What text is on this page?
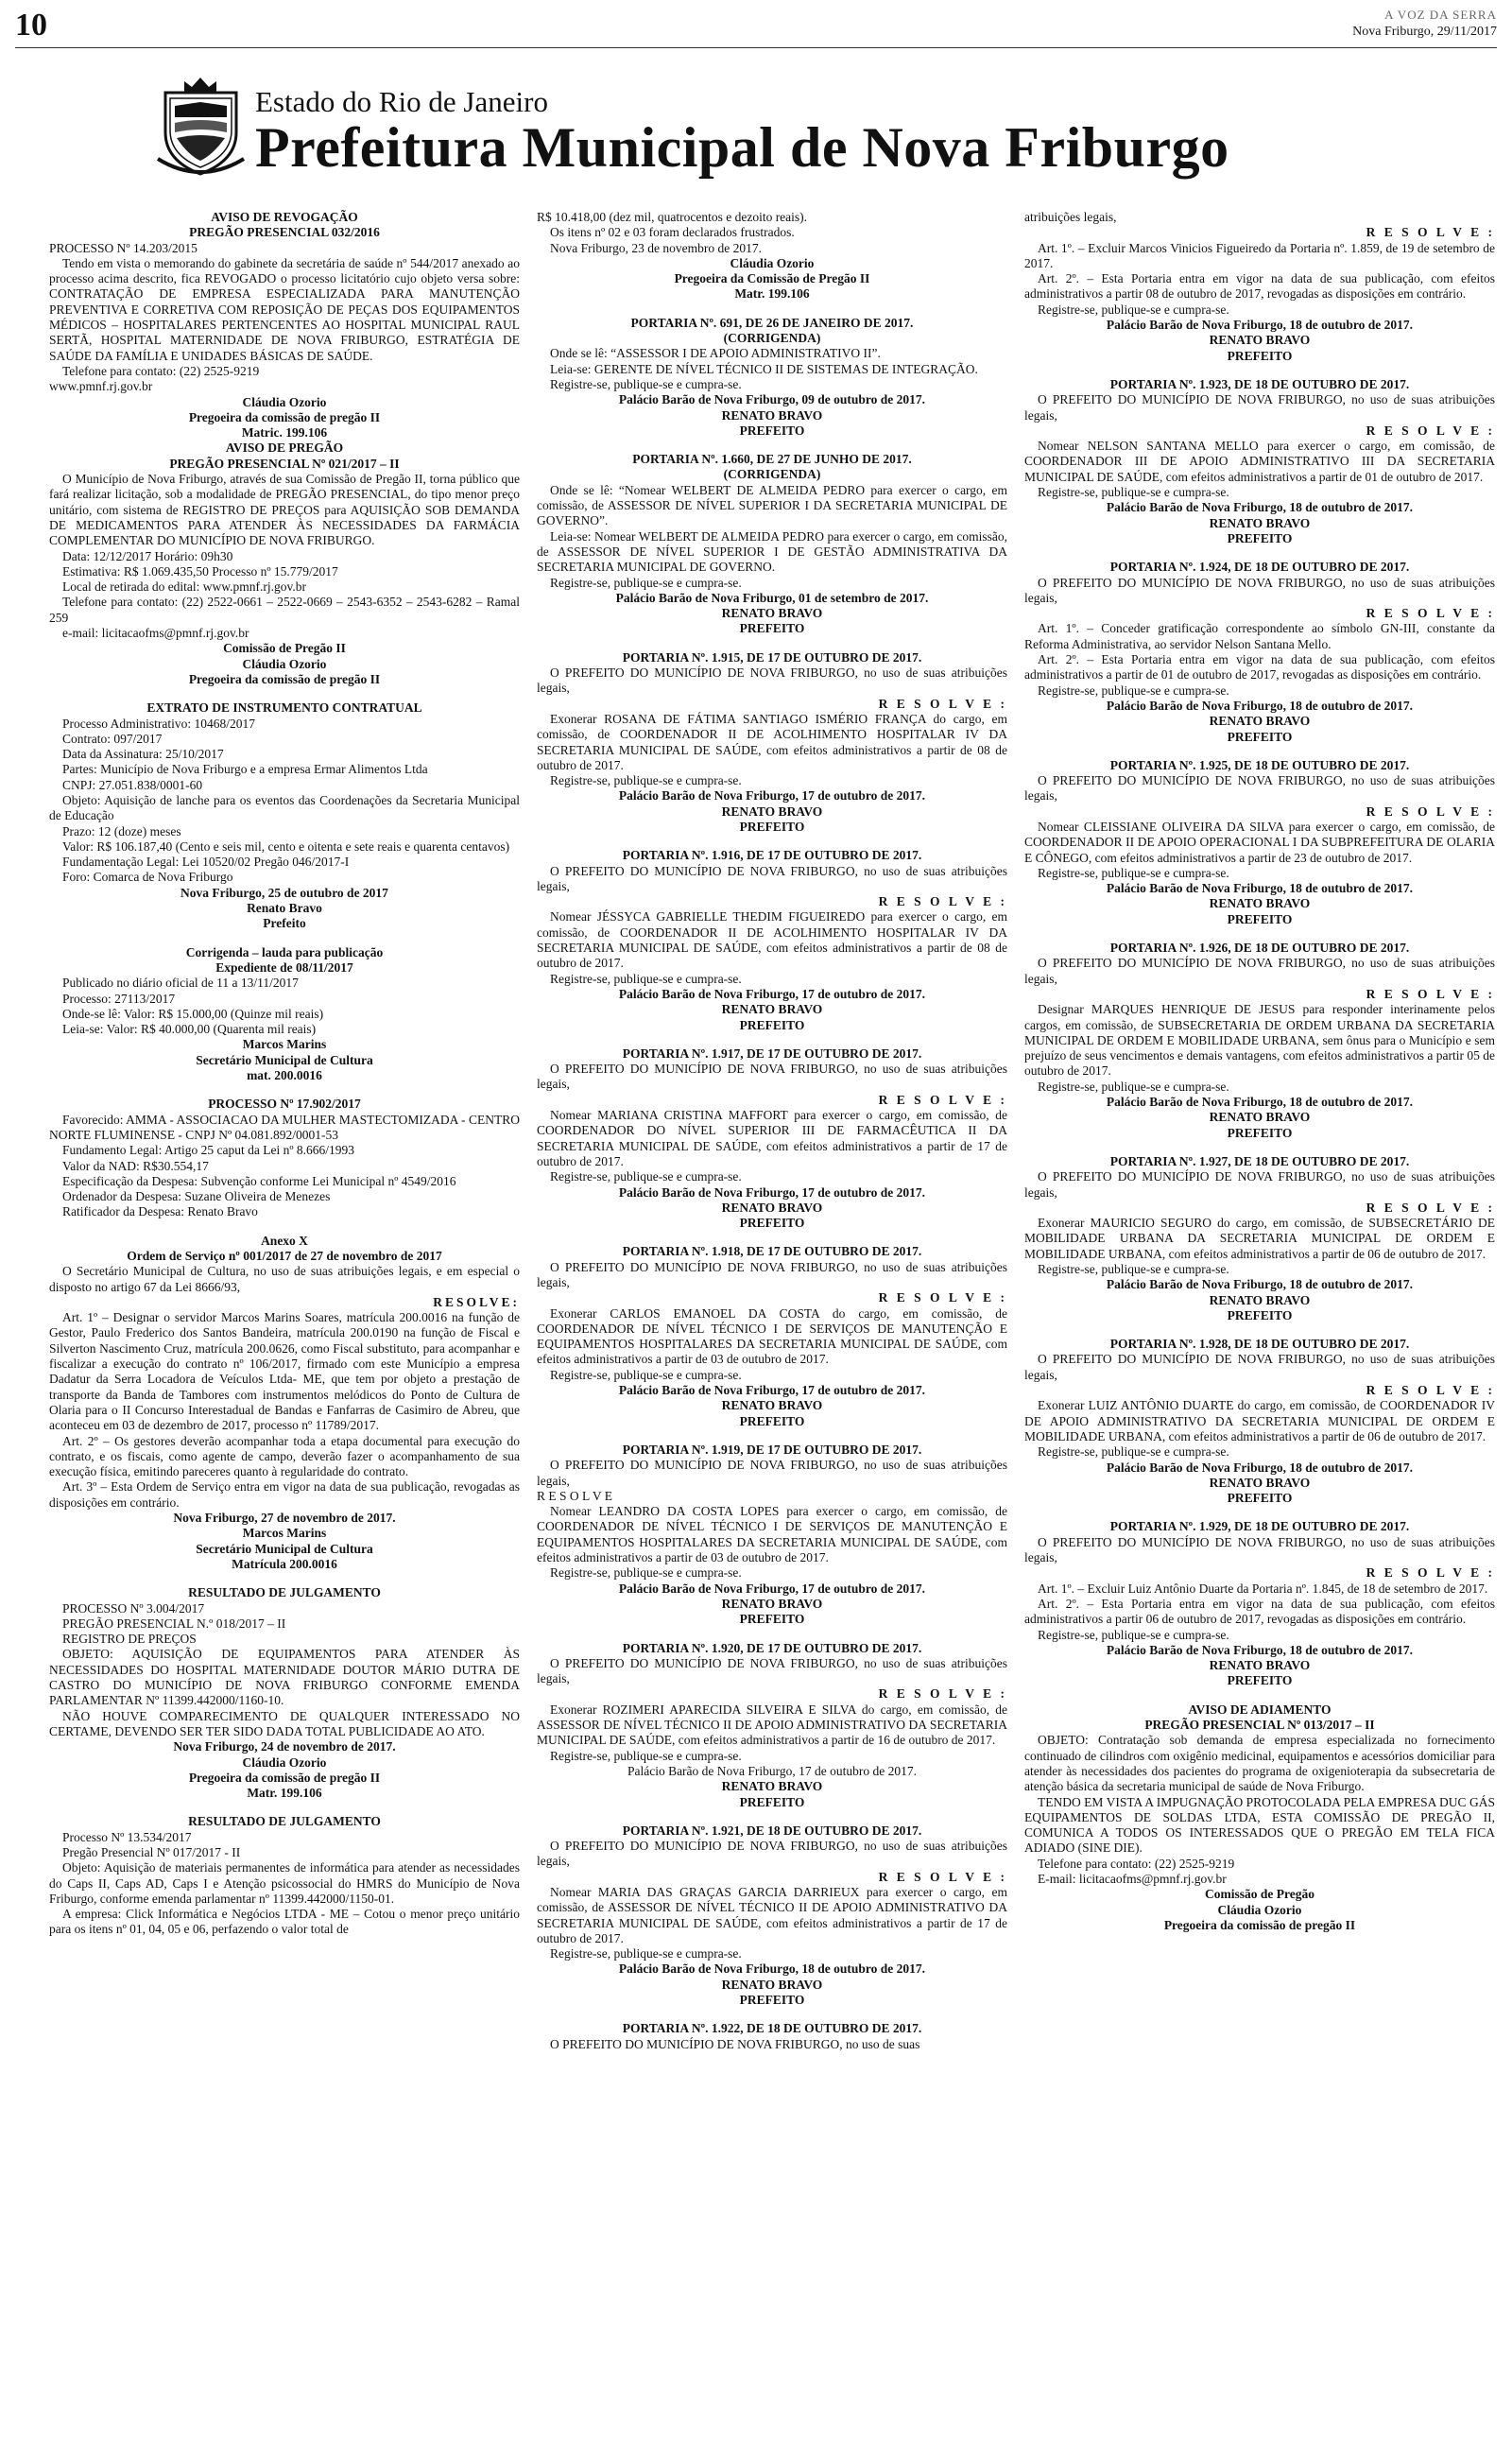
10	A VOZ DA SERRA
Nova Friburgo, 29/11/2017
Estado do Rio de Janeiro
Prefeitura Municipal de Nova Friburgo

AVISO DE REVOGAÇÃO

PREGÃO PRESENCIAL 032/2016

PROCESSO Nº 14.203/2015

Tendo em vista o memorando do gabinete da secretária de saúde nº 544/2017 anexado ao processo acima descrito, fica REVOGADO o processo licitatório cujo objeto versa sobre: CONTRATAÇÃO DE EMPRESA ESPECIALIZADA PARA MANUTENÇÃO PREVENTIVA E CORRETIVA COM REPOSIÇÃO DE PEÇAS DOS EQUIPAMENTOS MÉDICOS – HOSPITALARES PERTENCENTES AO HOSPITAL MUNICIPAL RAUL SERTÃ, HOSPITAL MATERNIDADE DE NOVA FRIBURGO, ESTRATÉGIA DE SAÚDE DA FAMÍLIA E UNIDADES BÁSICAS DE SAÚDE.

Telefone para contato: (22) 2525-9219

www.pmnf.rj.gov.br

Cláudia Ozorio

Pregoeira da comissão de pregão II

Matric. 199.106

AVISO DE PREGÃO

PREGÃO PRESENCIAL Nº 021/2017 – II

O Município de Nova Friburgo, através de sua Comissão de Pregão II, torna público que fará realizar licitação, sob a modalidade de PREGÃO PRESENCIAL, do tipo menor preço unitário, com sistema de REGISTRO DE PREÇOS para AQUISIÇÃO SOB DEMANDA DE MEDICAMENTOS PARA ATENDER ÀS NECESSIDADES DA FARMÁCIA COMPLEMENTAR DO MUNICÍPIO DE NOVA FRIBURGO.

Data: 12/12/2017 Horário: 09h30

Estimativa: R$ 1.069.435,50 Processo nº 15.779/2017

Local de retirada do edital: www.pmnf.rj.gov.br

Telefone para contato: (22) 2522-0661 – 2522-0669 – 2543-6352 – 2543-6282 – Ramal 259

e-mail: licitacaofms@pmnf.rj.gov.br

Comissão de Pregão II

Cláudia Ozorio

Pregoeira da comissão de pregão II

EXTRATO DE INSTRUMENTO CONTRATUAL

Processo Administrativo: 10468/2017

Contrato: 097/2017

Data da Assinatura: 25/10/2017

Partes: Município de Nova Friburgo e a empresa Ermar Alimentos Ltda

CNPJ: 27.051.838/0001-60

Objeto: Aquisição de lanche para os eventos das Coordenações da Secretaria Municipal de Educação

Prazo: 12 (doze) meses

Valor: R$ 106.187,40 (Cento e seis mil, cento e oitenta e sete reais e quarenta centavos)

Fundamentação Legal: Lei 10520/02 Pregão 046/2017-I

Foro: Comarca de Nova Friburgo

Nova Friburgo, 25 de outubro de 2017

Renato Bravo

Prefeito

Corrigenda – lauda para publicação

Expediente de 08/11/2017

Publicado no diário oficial de 11 a 13/11/2017

Processo: 27113/2017

Onde-se lê: Valor: R$ 15.000,00 (Quinze mil reais)

Leia-se: Valor: R$ 40.000,00 (Quarenta mil reais)

Marcos Marins

Secretário Municipal de Cultura

mat. 200.0016

PROCESSO Nº 17.902/2017

Favorecido: AMMA - ASSOCIACAO DA MULHER MASTECTOMIZADA - CENTRO NORTE FLUMINENSE - CNPJ Nº 04.081.892/0001-53

Fundamento Legal: Artigo 25 caput da Lei nº 8.666/1993

Valor da NAD: R$30.554,17

Especificação da Despesa: Subvenção conforme Lei Municipal nº 4549/2016

Ordenador da Despesa: Suzane Oliveira de Menezes

Ratificador da Despesa: Renato Bravo

Anexo X

Ordem de Serviço nº 001/2017 de 27 de novembro de 2017

O Secretário Municipal de Cultura, no uso de suas atribuições legais, e em especial o disposto no artigo 67 da Lei 8666/93,

RESOLVE:

Art. 1º – Designar o servidor Marcos Marins Soares, matrícula 200.0016 na função de Gestor, Paulo Frederico dos Santos Bandeira, matrícula 200.0190 na função de Fiscal e Silverton Nascimento Cruz, matrícula 200.0626, como Fiscal substituto, para acompanhar e fiscalizar a execução do contrato nº 106/2017, firmado com este Município a empresa Dadatur da Serra Locadora de Veículos Ltda- ME, que tem por objeto a prestação de transporte da Banda de Tambores com instrumentos melódicos do Ponto de Cultura de Olaria para o II Concurso Interestadual de Bandas e Fanfarras de Casimiro de Abreu, que aconteceu em 03 de dezembro de 2017, processo nº 11789/2017.

Art. 2º – Os gestores deverão acompanhar toda a etapa documental para execução do contrato, e os fiscais, como agente de campo, deverão fazer o acompanhamento de sua execução física, emitindo pareceres quanto à regularidade do contrato.

Art. 3º – Esta Ordem de Serviço entra em vigor na data de sua publicação, revogadas as disposições em contrário.

Nova Friburgo, 27 de novembro de 2017.

Marcos Marins

Secretário Municipal de Cultura

Matrícula 200.0016

RESULTADO DE JULGAMENTO

PROCESSO Nº 3.004/2017

PREGÃO PRESENCIAL N.º 018/2017 – II

REGISTRO DE PREÇOS

OBJETO: AQUISIÇÃO DE EQUIPAMENTOS PARA ATENDER ÀS NECESSIDADES DO HOSPITAL MATERNIDADE DOUTOR MÁRIO DUTRA DE CASTRO DO MUNICÍPIO DE NOVA FRIBURGO CONFORME EMENDA PARLAMENTAR Nº 11399.442000/1160-10.

NÃO HOUVE COMPARECIMENTO DE QUALQUER INTERESSADO NO CERTAME, DEVENDO SER TER SIDO DADA TOTAL PUBLICIDADE AO ATO.

Nova Friburgo, 24 de novembro de 2017.

Cláudia Ozorio

Pregoeira da comissão de pregão II

Matr. 199.106

RESULTADO DE JULGAMENTO

Processo Nº 13.534/2017

Pregão Presencial Nº 017/2017 - II

Objeto: Aquisição de materiais permanentes de informática para atender as necessidades do Caps II, Caps AD, Caps I e Atenção psicossocial do HMRS do Município de Nova Friburgo, conforme emenda parlamentar nº 11399.442000/1150-01.

A empresa: Click Informática e Negócios LTDA - ME – Cotou o menor preço unitário para os itens nº 01, 04, 05 e 06, perfazendo o valor total de

R$ 10.418,00 (dez mil, quatrocentos e dezoito reais).

Os itens nº 02 e 03 foram declarados frustrados.

Nova Friburgo, 23 de novembro de 2017.

Cláudia Ozorio

Pregoeira da Comissão de Pregão II

Matr. 199.106

PORTARIA Nº. 691, DE 26 DE JANEIRO DE 2017.

(CORRIGENDA)

Onde se lê: “ASSESSOR I DE APOIO ADMINISTRATIVO II”.

Leia-se: GERENTE DE NÍVEL TÉCNICO II DE SISTEMAS DE INTEGRAÇÃO.

Registre-se, publique-se e cumpra-se.

Palácio Barão de Nova Friburgo, 09 de outubro de 2017.

RENATO BRAVO

PREFEITO

PORTARIA Nº. 1.660, DE 27 DE JUNHO DE 2017.

(CORRIGENDA)

Onde se lê: “Nomear WELBERT DE ALMEIDA PEDRO para exercer o cargo, em comissão, de ASSESSOR DE NÍVEL SUPERIOR I DA SECRETARIA MUNICIPAL DE GOVERNO”.

Leia-se: Nomear WELBERT DE ALMEIDA PEDRO para exercer o cargo, em comissão, de ASSESSOR DE NÍVEL SUPERIOR I DE GESTÃO ADMINISTRATIVA DA SECRETARIA MUNICIPAL DE GOVERNO.

Registre-se, publique-se e cumpra-se.

Palácio Barão de Nova Friburgo, 01 de setembro de 2017.

RENATO BRAVO

PREFEITO

PORTARIA Nº. 1.915, DE 17 DE OUTUBRO DE 2017.

O PREFEITO DO MUNICÍPIO DE NOVA FRIBURGO, no uso de suas atribuições legais,

R E S O L V E :

Exonerar ROSANA DE FÁTIMA SANTIAGO ISMÉRIO FRANÇA do cargo, em comissão, de COORDENADOR II DE ACOLHIMENTO HOSPITALAR IV DA SECRETARIA MUNICIPAL DE SAÚDE, com efeitos administrativos a partir de 08 de outubro de 2017.

Registre-se, publique-se e cumpra-se.

Palácio Barão de Nova Friburgo, 17 de outubro de 2017.

RENATO BRAVO

PREFEITO

PORTARIA Nº. 1.916, DE 17 DE OUTUBRO DE 2017.

O PREFEITO DO MUNICÍPIO DE NOVA FRIBURGO, no uso de suas atribuições legais,

R E S O L V E :

Nomear JÉSSYCA GABRIELLE THEDIM FIGUEIREDO para exercer o cargo, em comissão, de COORDENADOR II DE ACOLHIMENTO HOSPITALAR IV DA SECRETARIA MUNICIPAL DE SAÚDE, com efeitos administrativos a partir de 08 de outubro de 2017.

Registre-se, publique-se e cumpra-se.

Palácio Barão de Nova Friburgo, 17 de outubro de 2017.

RENATO BRAVO

PREFEITO

PORTARIA Nº. 1.917, DE 17 DE OUTUBRO DE 2017.

O PREFEITO DO MUNICÍPIO DE NOVA FRIBURGO, no uso de suas atribuições legais,

R E S O L V E :

Nomear MARIANA CRISTINA MAFFORT para exercer o cargo, em comissão, de COORDENADOR DO NÍVEL SUPERIOR III DE FARMACÊUTICA II DA SECRETARIA MUNICIPAL DE SAÚDE, com efeitos administrativos a partir de 17 de outubro de 2017.

Registre-se, publique-se e cumpra-se.

Palácio Barão de Nova Friburgo, 17 de outubro de 2017.

RENATO BRAVO

PREFEITO

PORTARIA Nº. 1.918, DE 17 DE OUTUBRO DE 2017.

O PREFEITO DO MUNICÍPIO DE NOVA FRIBURGO, no uso de suas atribuições legais,

R E S O L V E :

Exonerar CARLOS EMANOEL DA COSTA do cargo, em comissão, de COORDENADOR DE NÍVEL TÉCNICO I DE SERVIÇOS DE MANUTENÇÃO E EQUIPAMENTOS HOSPITALARES DA SECRETARIA MUNICIPAL DE SAÚDE, com efeitos administrativos a partir de 03 de outubro de 2017.

Registre-se, publique-se e cumpra-se.

Palácio Barão de Nova Friburgo, 17 de outubro de 2017.

RENATO BRAVO

PREFEITO

PORTARIA Nº. 1.919, DE 17 DE OUTUBRO DE 2017.

O PREFEITO DO MUNICÍPIO DE NOVA FRIBURGO, no uso de suas atribuições legais,

R E S O L V E

Nomear LEANDRO DA COSTA LOPES para exercer o cargo, em comissão, de COORDENADOR DE NÍVEL TÉCNICO I DE SERVIÇOS DE MANUTENÇÃO E EQUIPAMENTOS HOSPITALARES DA SECRETARIA MUNICIPAL DE SAÚDE, com efeitos administrativos a partir de 03 de outubro de 2017.

Registre-se, publique-se e cumpra-se.

Palácio Barão de Nova Friburgo, 17 de outubro de 2017.

RENATO BRAVO

PREFEITO

PORTARIA Nº. 1.920, DE 17 DE OUTUBRO DE 2017.

O PREFEITO DO MUNICÍPIO DE NOVA FRIBURGO, no uso de suas atribuições legais,

R E S O L V E :

Exonerar ROZIMERI APARECIDA SILVEIRA E SILVA do cargo, em comissão, de ASSESSOR DE NÍVEL TÉCNICO II DE APOIO ADMINISTRATIVO DA SECRETARIA MUNICIPAL DE SAÚDE, com efeitos administrativos a partir de 16 de outubro de 2017.

Registre-se, publique-se e cumpra-se.

Palácio Barão de Nova Friburgo, 17 de outubro de 2017.

RENATO BRAVO

PREFEITO

PORTARIA Nº. 1.921, DE 18 DE OUTUBRO DE 2017.

O PREFEITO DO MUNICÍPIO DE NOVA FRIBURGO, no uso de suas atribuições legais,

R E S O L V E :

Nomear MARIA DAS GRAÇAS GARCIA DARRIEUX para exercer o cargo, em comissão, de ASSESSOR DE NÍVEL TÉCNICO II DE APOIO ADMINISTRATIVO DA SECRETARIA MUNICIPAL DE SAÚDE, com efeitos administrativos a partir de 17 de outubro de 2017.

Registre-se, publique-se e cumpra-se.

Palácio Barão de Nova Friburgo, 18 de outubro de 2017.

RENATO BRAVO

PREFEITO

PORTARIA Nº. 1.922, DE 18 DE OUTUBRO DE 2017.

O PREFEITO DO MUNICÍPIO DE NOVA FRIBURGO, no uso de suas

atribuições legais,

R E S O L V E :

Art. 1º. – Excluir Marcos Vinicios Figueiredo da Portaria nº. 1.859, de 19 de setembro de 2017.

Art. 2º. – Esta Portaria entra em vigor na data de sua publicação, com efeitos administrativos a partir 08 de outubro de 2017, revogadas as disposições em contrário.

Registre-se, publique-se e cumpra-se.

Palácio Barão de Nova Friburgo, 18 de outubro de 2017.

RENATO BRAVO

PREFEITO

PORTARIA Nº. 1.923, DE 18 DE OUTUBRO DE 2017.

O PREFEITO DO MUNICÍPIO DE NOVA FRIBURGO, no uso de suas atribuições legais,

R E S O L V E :

Nomear NELSON SANTANA MELLO para exercer o cargo, em comissão, de COORDENADOR III DE APOIO ADMINISTRATIVO III DA SECRETARIA MUNICIPAL DE SAÚDE, com efeitos administrativos a partir de 01 de outubro de 2017.

Registre-se, publique-se e cumpra-se.

Palácio Barão de Nova Friburgo, 18 de outubro de 2017.

RENATO BRAVO

PREFEITO

PORTARIA Nº. 1.924, DE 18 DE OUTUBRO DE 2017.

O PREFEITO DO MUNICÍPIO DE NOVA FRIBURGO, no uso de suas atribuições legais,

R E S O L V E :

Art. 1º. – Conceder gratificação correspondente ao símbolo GN-III, constante da Reforma Administrativa, ao servidor Nelson Santana Mello.

Art. 2º. – Esta Portaria entra em vigor na data de sua publicação, com efeitos administrativos a partir de 01 de outubro de 2017, revogadas as disposições em contrário.

Registre-se, publique-se e cumpra-se.

Palácio Barão de Nova Friburgo, 18 de outubro de 2017.

RENATO BRAVO

PREFEITO

PORTARIA Nº. 1.925, DE 18 DE OUTUBRO DE 2017.

O PREFEITO DO MUNICÍPIO DE NOVA FRIBURGO, no uso de suas atribuições legais,

R E S O L V E :

Nomear CLEISSIANE OLIVEIRA DA SILVA para exercer o cargo, em comissão, de COORDENADOR II DE APOIO OPERACIONAL I DA SUBPREFEITURA DE OLARIA E CÔNEGO, com efeitos administrativos a partir de 23 de outubro de 2017.

Registre-se, publique-se e cumpra-se.

Palácio Barão de Nova Friburgo, 18 de outubro de 2017.

RENATO BRAVO

PREFEITO

PORTARIA Nº. 1.926, DE 18 DE OUTUBRO DE 2017.

O PREFEITO DO MUNICÍPIO DE NOVA FRIBURGO, no uso de suas atribuições legais,

R E S O L V E :

Designar MARQUES HENRIQUE DE JESUS para responder interinamente pelos cargos, em comissão, de SUBSECRETARIA DE ORDEM URBANA DA SECRETARIA MUNICIPAL DE ORDEM E MOBILIDADE URBANA, sem ônus para o Município e sem prejuízo de seus vencimentos e demais vantagens, com efeitos administrativos a partir 05 de outubro de 2017.

Registre-se, publique-se e cumpra-se.

Palácio Barão de Nova Friburgo, 18 de outubro de 2017.

RENATO BRAVO

PREFEITO

PORTARIA Nº. 1.927, DE 18 DE OUTUBRO DE 2017.

O PREFEITO DO MUNICÍPIO DE NOVA FRIBURGO, no uso de suas atribuições legais,

R E S O L V E :

Exonerar MAURICIO SEGURO do cargo, em comissão, de SUBSECRETÁRIO DE MOBILIDADE URBANA DA SECRETARIA MUNICIPAL DE ORDEM E MOBILIDADE URBANA, com efeitos administrativos a partir de 06 de outubro de 2017.

Registre-se, publique-se e cumpra-se.

Palácio Barão de Nova Friburgo, 18 de outubro de 2017.

RENATO BRAVO

PREFEITO

PORTARIA Nº. 1.928, DE 18 DE OUTUBRO DE 2017.

O PREFEITO DO MUNICÍPIO DE NOVA FRIBURGO, no uso de suas atribuições legais,

R E S O L V E :

Exonerar LUIZ ANTÔNIO DUARTE do cargo, em comissão, de COORDENADOR IV DE APOIO ADMINISTRATIVO DA SECRETARIA MUNICIPAL DE ORDEM E MOBILIDADE URBANA, com efeitos administrativos a partir de 06 de outubro de 2017.

Registre-se, publique-se e cumpra-se.

Palácio Barão de Nova Friburgo, 18 de outubro de 2017.

RENATO BRAVO

PREFEITO

PORTARIA Nº. 1.929, DE 18 DE OUTUBRO DE 2017.

O PREFEITO DO MUNICÍPIO DE NOVA FRIBURGO, no uso de suas atribuições legais,

R E S O L V E :

Art. 1º. – Excluir Luiz Antônio Duarte da Portaria nº. 1.845, de 18 de setembro de 2017.

Art. 2º. – Esta Portaria entra em vigor na data de sua publicação, com efeitos administrativos a partir 06 de outubro de 2017, revogadas as disposições em contrário.

Registre-se, publique-se e cumpra-se.

Palácio Barão de Nova Friburgo, 18 de outubro de 2017.

RENATO BRAVO

PREFEITO

AVISO DE ADIAMENTO

PREGÃO PRESENCIAL Nº 013/2017 – II

OBJETO: Contratação sob demanda de empresa especializada no fornecimento continuado de cilindros com oxigênio medicinal, equipamentos e acessórios domiciliar para atender às necessidades dos pacientes do programa de oxigenioterapia da subsecretaria de atenção básica da secretaria municipal de saúde de Nova Friburgo.

TENDO EM VISTA A IMPUGNAÇÃO PROTOCOLADA PELA EMPRESA DUC GÁS EQUIPAMENTOS DE SOLDAS LTDA, ESTA COMISSÃO DE PREGÃO II, COMUNICA A TODOS OS INTERESSADOS QUE O PREGÃO EM TELA FICA ADIADO (SINE DIE).

Telefone para contato: (22) 2525-9219

E-mail: licitacaofms@pmnf.rj.gov.br

Comissão de Pregão

Cláudia Ozorio

Pregoeira da comissão de pregão II
